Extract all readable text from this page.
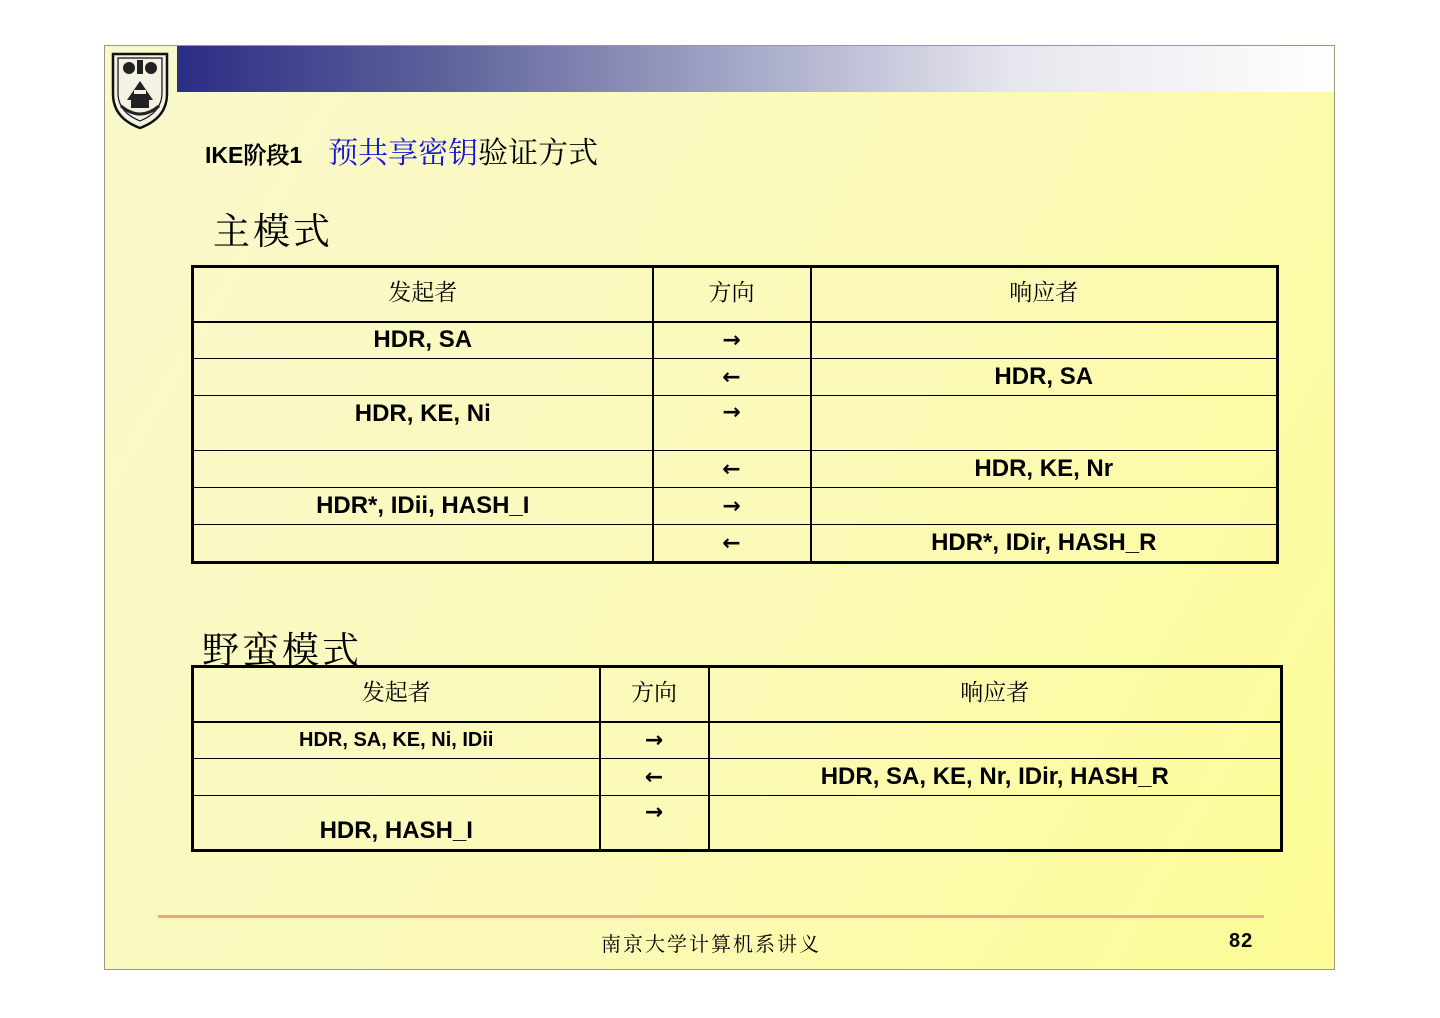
IKE阶段1 预共享密钥 验证方式
主模式
发起者	方向	响应者
HDR, SA	→	
	←	HDR, SA
HDR, KE, Ni	→	
	←	HDR, KE, Nr
HDR*, IDii, HASH_I	→	
	←	HDR*, IDir, HASH_R
野蛮模式
发起者	方向	响应者
HDR, SA, KE, Ni, IDii	→	
	←	HDR, SA, KE, Nr, IDir, HASH_R
HDR, HASH_I	→	
南京大学计算机系讲义	82
